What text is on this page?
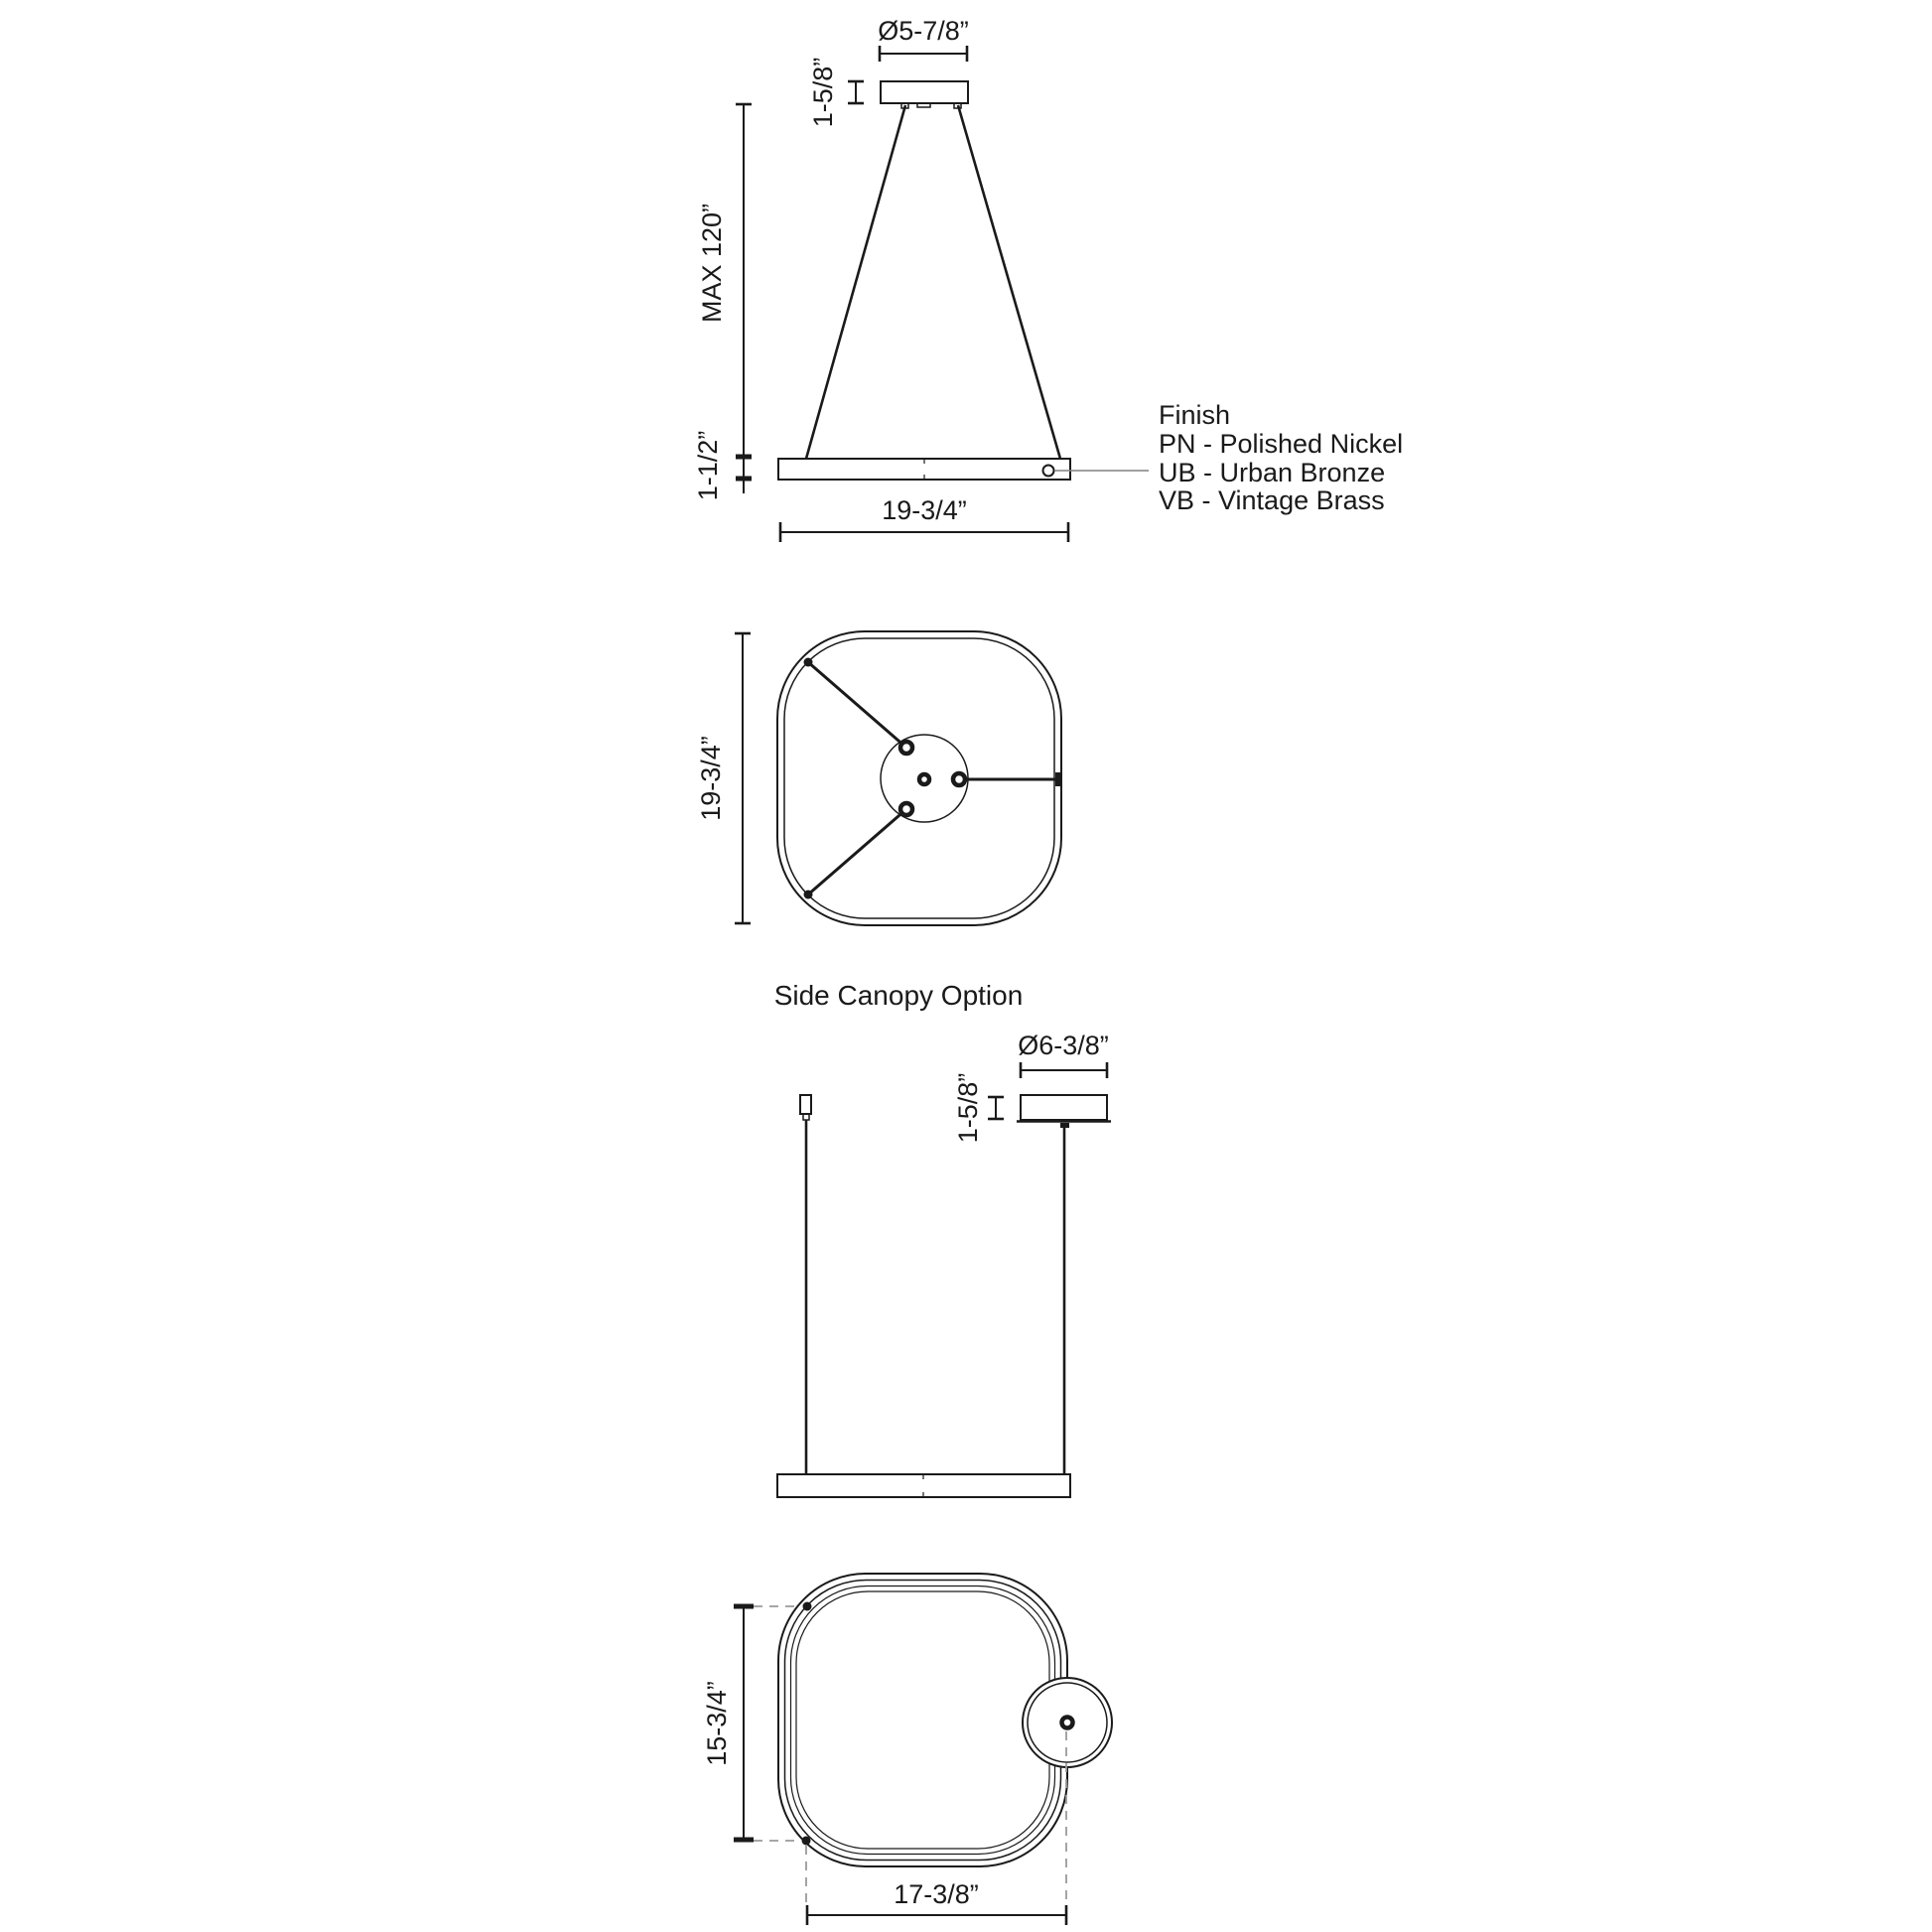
Ø5-7/8”
1-5/8”
MAX 120”
1-1/2”
19-3/4”
Finish
PN - Polished Nickel
UB - Urban Bronze
VB - Vintage Brass
19-3/4”
Side Canopy Option
Ø6-3/8”
1-5/8”
15-3/4”
17-3/8”
